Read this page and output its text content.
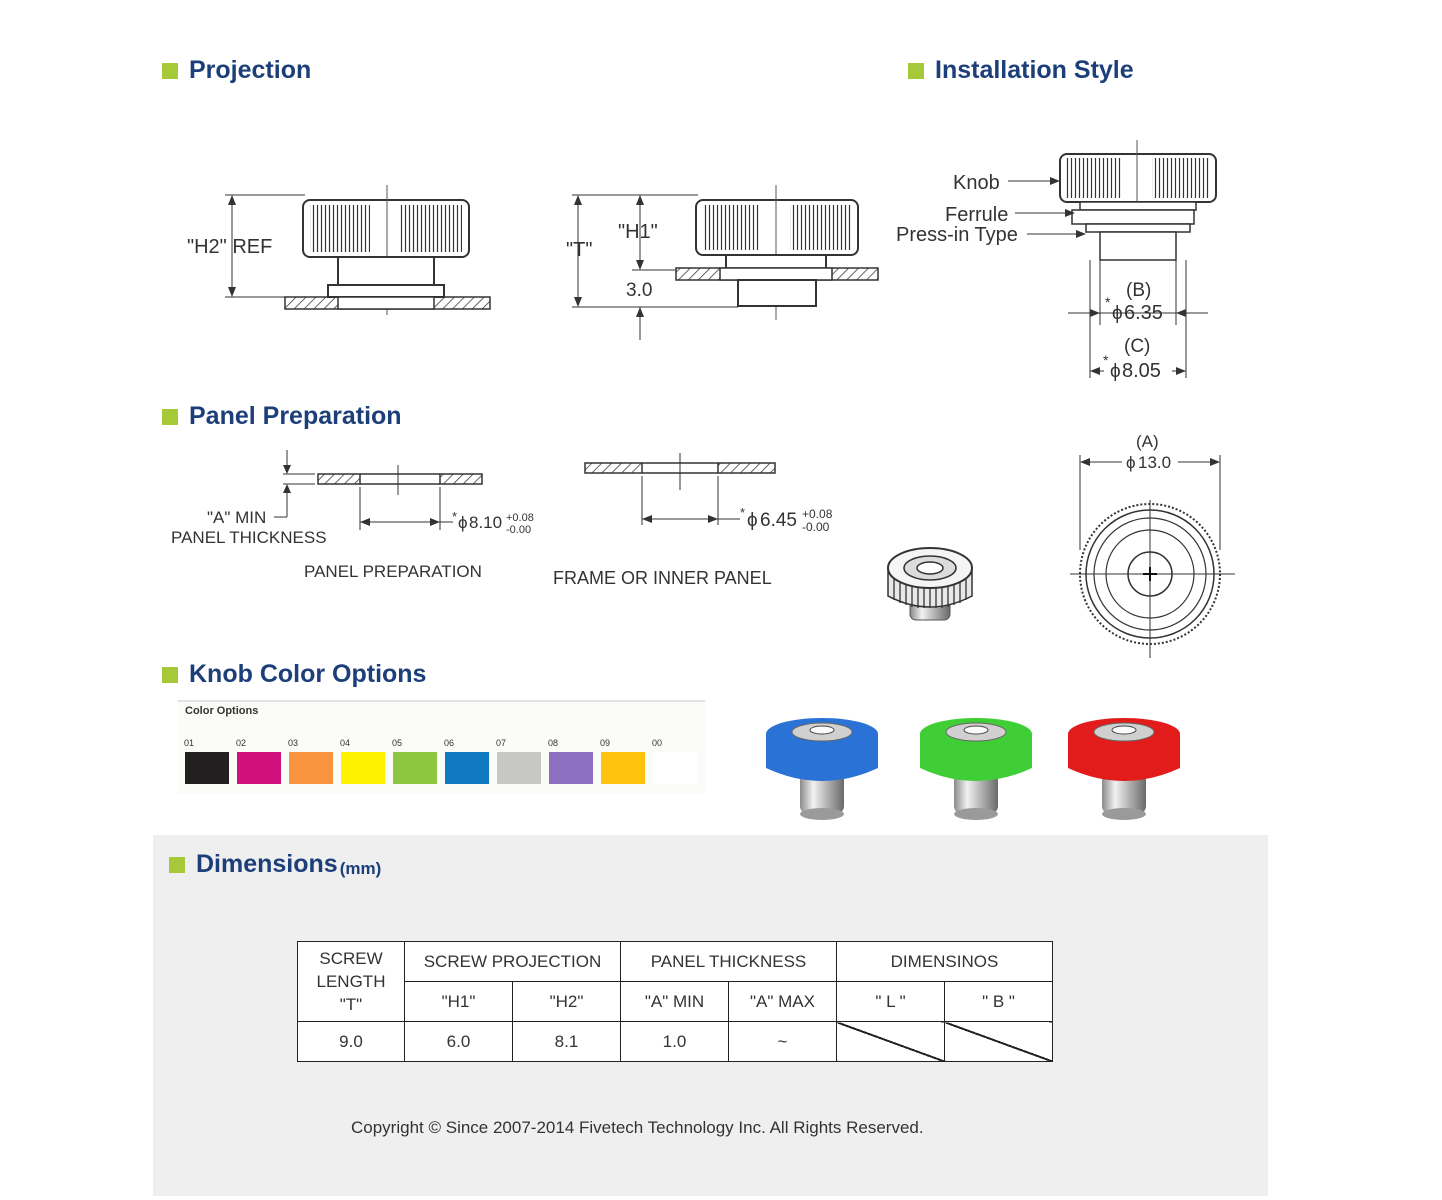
Projection	Installation Style
Panel Preparation
Knob Color Options
"H2" REF	"T"
"H1"
3.0
Knob
Ferrule
Press-in Type
(B)
*
ϕ 6.35
(C)
*
ϕ 8.05
"A" MIN
PANEL THICKNESS
* ϕ 8.10 +0.08
-0.00
PANEL PREPARATION
* ϕ 6.45 +0.08
-0.00
FRAME OR INNER PANEL
(A)
ϕ 13.0
Color Options
01	02	03	04	05	06	07	08	09	00
Dimensions (mm)
SCREW
LENGTH
"T"	SCREW PROJECTION		PANEL THICKNESS		DIMENSINOS	
	"H1"	"H2"	"A" MIN	"A" MAX	" L "	" B "
9.0	6.0	8.1	1.0	~		
Copyright © Since 2007-2014 Fivetech Technology Inc. All Rights Reserved.
